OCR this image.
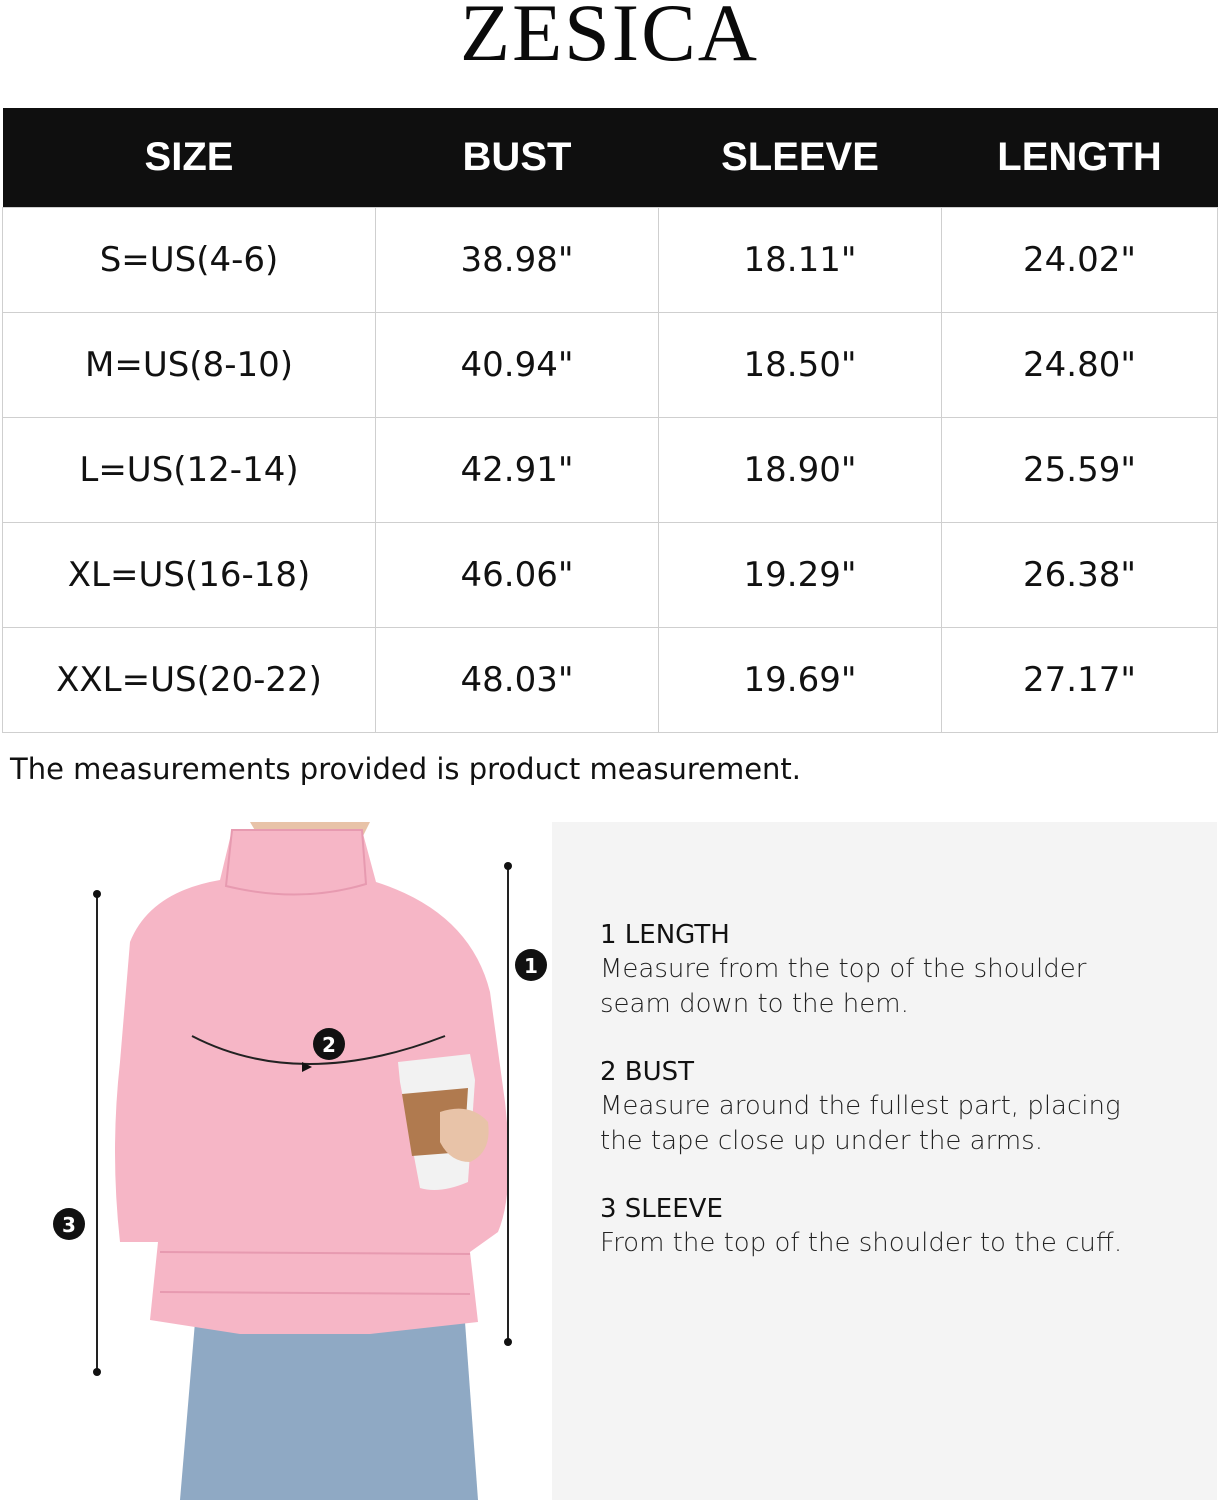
ZESICA
SIZE	BUST	SLEEVE	LENGTH
S=US(4-6)	38.98"	18.11"	24.02"
M=US(8-10)	40.94"	18.50"	24.80"
L=US(12-14)	42.91"	18.90"	25.59"
XL=US(16-18)	46.06"	19.29"	26.38"
XXL=US(20-22)	48.03"	19.69"	27.17"
The measurements provided is product measurement.
1
2
3
1 LENGTH
Measure from the top of the shoulder seam down to the hem.
2 BUST
Measure around the fullest part, placing the tape close up under the arms.
3 SLEEVE
From the top of the shoulder to the cuff.
